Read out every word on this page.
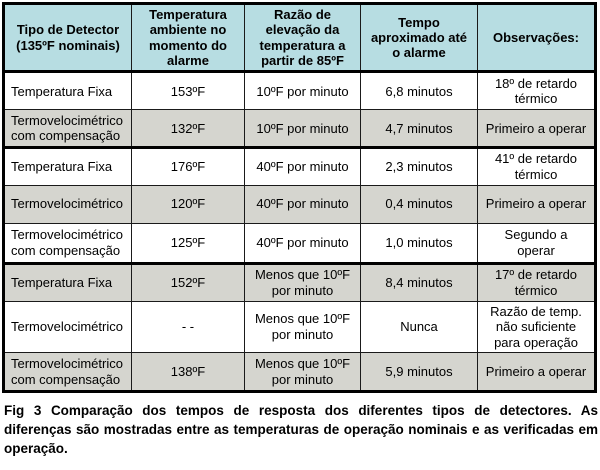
Tipo de Detector (135ºF nominais)	Temperatura ambiente no momento do alarme	Razão de elevação da temperatura a partir de 85ºF	Tempo aproximado até o alarme	Observações:
Temperatura Fixa	153ºF	10ºF por minuto	6,8 minutos	18º de retardo térmico
Termovelocimétrico com compensação	132ºF	10ºF por minuto	4,7 minutos	Primeiro a operar
Temperatura Fixa	176ºF	40ºF por minuto	2,3 minutos	41º de retardo térmico
Termovelocimétrico	120ºF	40ºF por minuto	0,4 minutos	Primeiro a operar
Termovelocimétrico com compensação	125ºF	40ºF por minuto	1,0 minutos	Segundo a operar
Temperatura Fixa	152ºF	Menos que 10ºF por minuto	8,4 minutos	17º de retardo térmico
Termovelocimétrico	- -	Menos que 10ºF por minuto	Nunca	Razão de temp. não suficiente para operação
Termovelocimétrico com compensação	138ºF	Menos que 10ºF por minuto	5,9 minutos	Primeiro a operar
Fig 3 Comparação dos tempos de resposta dos diferentes tipos de detectores. As diferenças são mostradas entre as temperaturas de operação nominais e as verificadas em operação.
